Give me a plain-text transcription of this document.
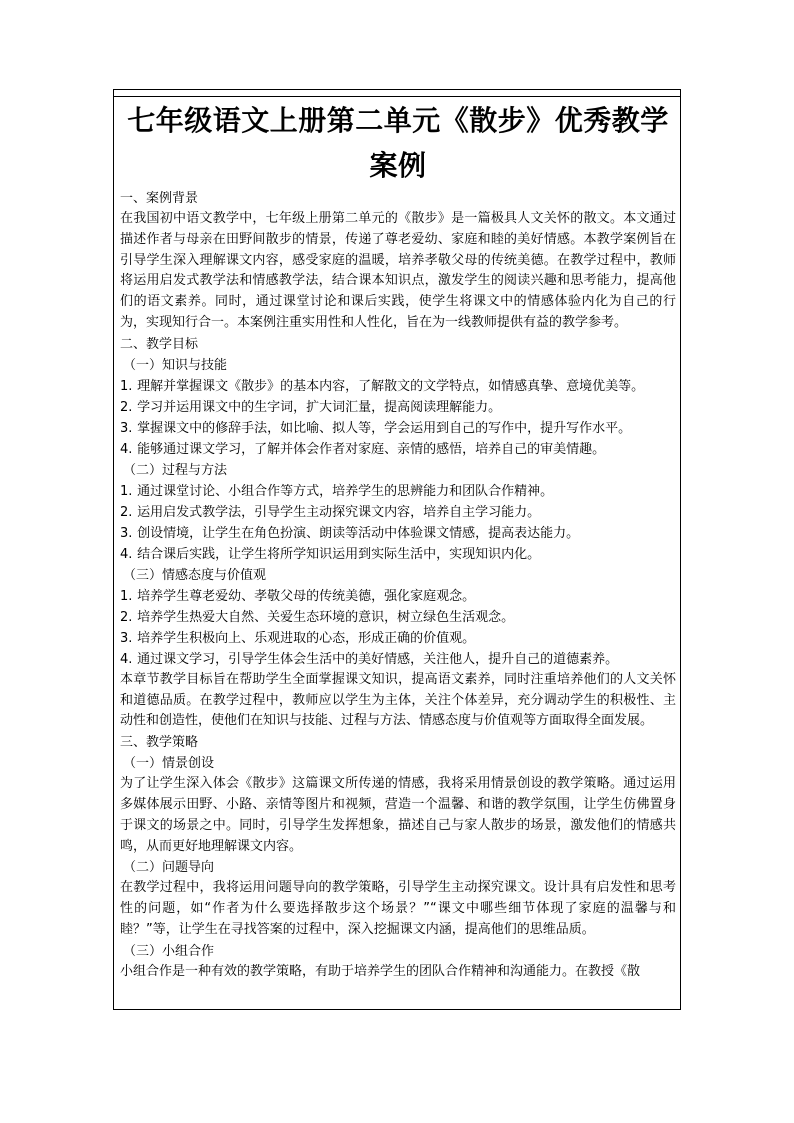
七年级语文上册第二单元《散步》优秀教学
案例

一、案例背景

在我国初中语文教学中，七年级上册第二单元的《散步》是一篇极具人文关怀的散文。本文通过描述作者与母亲在田野间散步的情景，传递了尊老爱幼、家庭和睦的美好情感。本教学案例旨在引导学生深入理解课文内容，感受家庭的温暖，培养孝敬父母的传统美德。在教学过程中，教师将运用启发式教学法和情感教学法，结合课本知识点，激发学生的阅读兴趣和思考能力，提高他们的语文素养。同时，通过课堂讨论和课后实践，使学生将课文中的情感体验内化为自己的行为，实现知行合一。本案例注重实用性和人性化，旨在为一线教师提供有益的教学参考。

二、教学目标

（一）知识与技能

1. 理解并掌握课文《散步》的基本内容，了解散文的文学特点，如情感真挚、意境优美等。

2. 学习并运用课文中的生字词，扩大词汇量，提高阅读理解能力。

3. 掌握课文中的修辞手法，如比喻、拟人等，学会运用到自己的写作中，提升写作水平。

4. 能够通过课文学习，了解并体会作者对家庭、亲情的感悟，培养自己的审美情趣。

（二）过程与方法

1. 通过课堂讨论、小组合作等方式，培养学生的思辨能力和团队合作精神。

2. 运用启发式教学法，引导学生主动探究课文内容，培养自主学习能力。

3. 创设情境，让学生在角色扮演、朗读等活动中体验课文情感，提高表达能力。

4. 结合课后实践，让学生将所学知识运用到实际生活中，实现知识内化。

（三）情感态度与价值观

1. 培养学生尊老爱幼、孝敬父母的传统美德，强化家庭观念。

2. 培养学生热爱大自然、关爱生态环境的意识，树立绿色生活观念。

3. 培养学生积极向上、乐观进取的心态，形成正确的价值观。

4. 通过课文学习，引导学生体会生活中的美好情感，关注他人，提升自己的道德素养。

本章节教学目标旨在帮助学生全面掌握课文知识，提高语文素养，同时注重培养他们的人文关怀和道德品质。在教学过程中，教师应以学生为主体，关注个体差异，充分调动学生的积极性、主动性和创造性，使他们在知识与技能、过程与方法、情感态度与价值观等方面取得全面发展。

三、教学策略

（一）情景创设

为了让学生深入体会《散步》这篇课文所传递的情感，我将采用情景创设的教学策略。通过运用多媒体展示田野、小路、亲情等图片和视频，营造一个温馨、和谐的教学氛围，让学生仿佛置身于课文的场景之中。同时，引导学生发挥想象，描述自己与家人散步的场景，激发他们的情感共鸣，从而更好地理解课文内容。

（二）问题导向

在教学过程中，我将运用问题导向的教学策略，引导学生主动探究课文。设计具有启发性和思考性的问题，如“作者为什么要选择散步这个场景？”“课文中哪些细节体现了家庭的温馨与和睦？”等，让学生在寻找答案的过程中，深入挖掘课文内涵，提高他们的思维品质。

（三）小组合作

小组合作是一种有效的教学策略，有助于培养学生的团队合作精神和沟通能力。在教授《散
